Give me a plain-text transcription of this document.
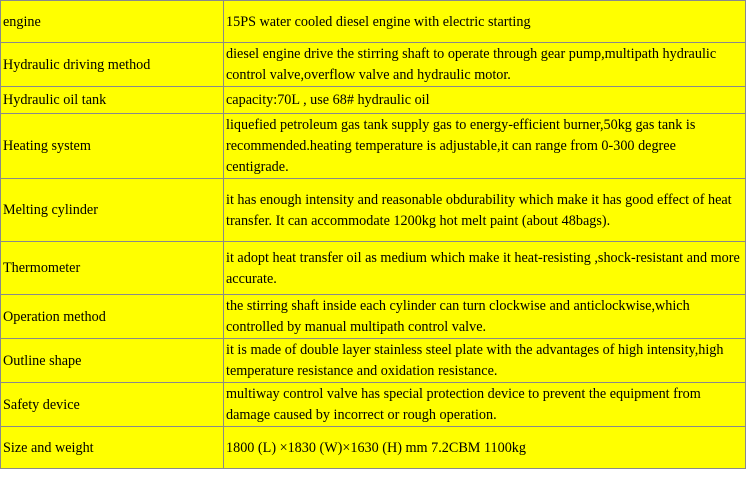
engine	15PS water cooled diesel engine with electric starting
Hydraulic driving method	diesel engine drive the stirring shaft to operate through gear pump,multipath hydraulic control valve,overflow valve and hydraulic motor.
Hydraulic oil tank	capacity:70L , use 68# hydraulic oil
Heating system	liquefied petroleum gas tank supply gas to energy-efficient burner,50kg gas tank is recommended.heating temperature is adjustable,it can range from 0-300 degree centigrade.
Melting cylinder	it has enough intensity and reasonable obdurability which make it has good effect of heat transfer. It can accommodate 1200kg hot melt paint (about 48bags).
Thermometer	it adopt heat transfer oil as medium which make it heat-resisting ,shock-resistant and more accurate.
Operation method	the stirring shaft inside each cylinder can turn clockwise and anticlockwise,which controlled by manual multipath control valve.
Outline shape	it is made of double layer stainless steel plate with the advantages of high intensity,high temperature resistance and oxidation resistance.
Safety device	multiway control valve has special protection device to prevent the equipment from damage caused by incorrect or rough operation.
Size and weight	1800 (L) ×1830 (W)×1630 (H) mm 7.2CBM 1100kg
